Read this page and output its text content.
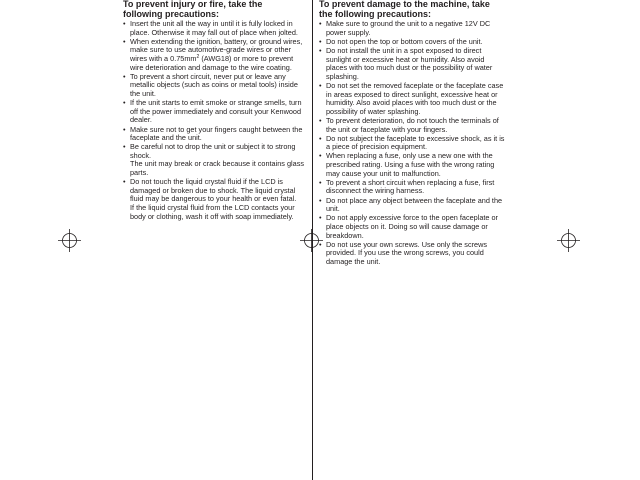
To prevent injury or fire, take the
following precautions:

• Insert the unit all the way in until it is fully locked in place. Otherwise it may fall out of place when jolted.

• When extending the ignition, battery, or ground wires, make sure to use automotive-grade wires or other wires with a $0.75mm^2$ (AWG18) or more to prevent wire deterioration and damage to the wire coating.

• To prevent a short circuit, never put or leave any metallic objects (such as coins or metal tools) inside the unit.

• If the unit starts to emit smoke or strange smells, turn off the power immediately and consult your Kenwood dealer.

• Make sure not to get your fingers caught between the faceplate and the unit.

• Be careful not to drop the unit or subject it to strong shock.

The unit may break or crack because it contains glass parts.

• Do not touch the liquid crystal fluid if the LCD is damaged or broken due to shock. The liquid crystal fluid may be dangerous to your health or even fatal.

If the liquid crystal fluid from the LCD contacts your body or clothing, wash it off with soap immediately.

To prevent damage to the machine, take
the following precautions:
• Make sure to ground the unit to a negative 12V DC power supply.
• Do not open the top or bottom covers of the unit.
• Do not install the unit in a spot exposed to direct sunlight or excessive heat or humidity. Also avoid places with too much dust or the possibility of water splashing.
• Do not set the removed faceplate or the faceplate case in areas exposed to direct sunlight, excessive heat or humidity. Also avoid places with too much dust or the possibility of water splashing.
• To prevent deterioration, do not touch the terminals of the unit or faceplate with your fingers.
• Do not subject the faceplate to excessive shock, as it is a piece of precision equipment.
• When replacing a fuse, only use a new one with the prescribed rating. Using a fuse with the wrong rating may cause your unit to malfunction.
• To prevent a short circuit when replacing a fuse, first disconnect the wiring harness.
• Do not place any object between the faceplate and the unit.
• Do not apply excessive force to the open faceplate or place objects on it. Doing so will cause damage or breakdown.
• Do not use your own screws. Use only the screws provided. If you use the wrong screws, you could damage the unit.
